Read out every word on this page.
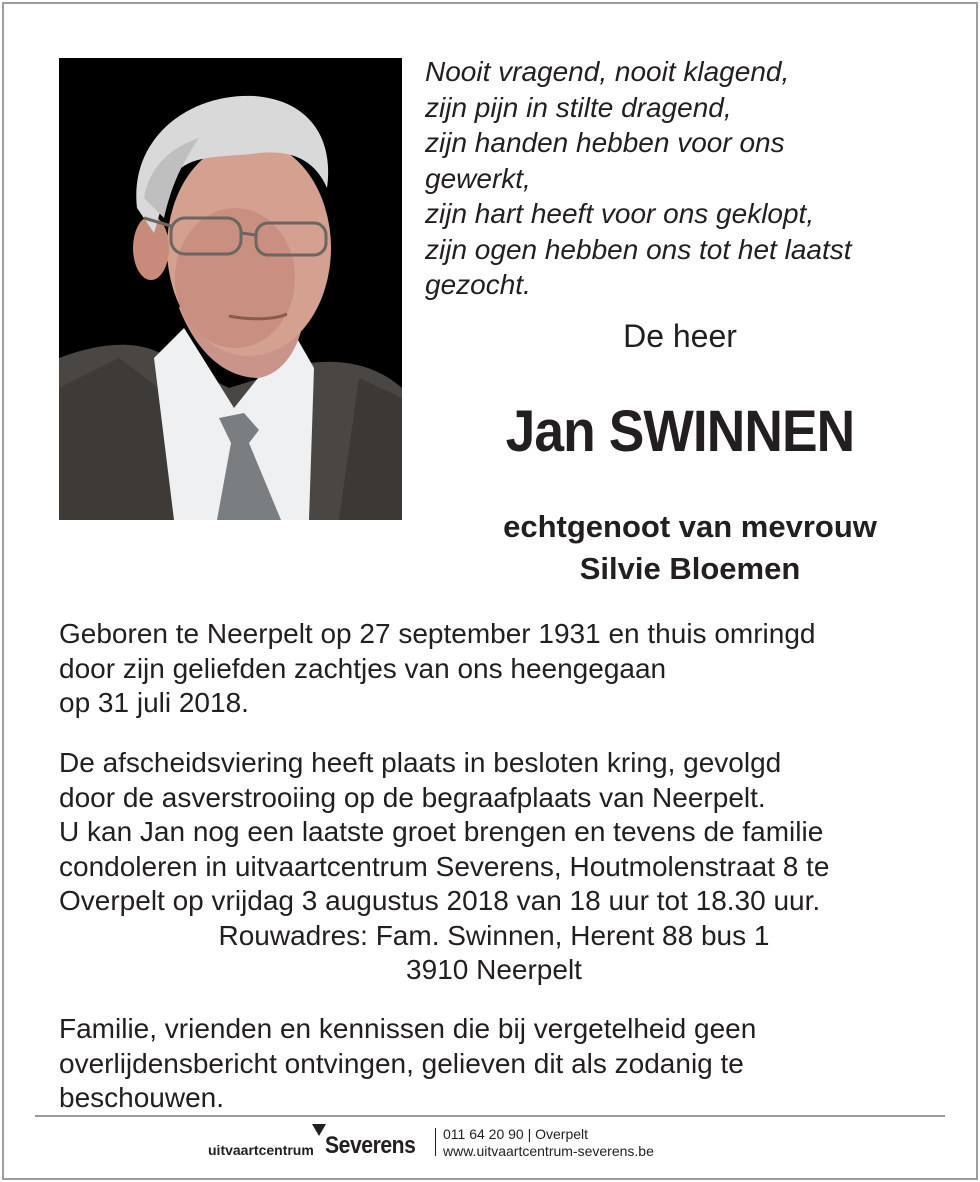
Nooit vragend, nooit klagend,
zijn pijn in stilte dragend,
zijn handen hebben voor ons
gewerkt,
zijn hart heeft voor ons geklopt,
zijn ogen hebben ons tot het laatst
gezocht.
De heer
Jan SWINNEN
echtgenoot van mevrouw
Silvie Bloemen
Geboren te Neerpelt op 27 september 1931 en thuis omringd
door zijn geliefden zachtjes van ons heengegaan
op 31 juli 2018.
De afscheidsviering heeft plaats in besloten kring, gevolgd
door de asverstrooiing op de begraafplaats van Neerpelt.
U kan Jan nog een laatste groet brengen en tevens de familie
condoleren in uitvaartcentrum Severens, Houtmolenstraat 8 te
Overpelt op vrijdag 3 augustus 2018 van 18 uur tot 18.30 uur.
Rouwadres: Fam. Swinnen, Herent 88 bus 1
3910 Neerpelt
Familie, vrienden en kennissen die bij vergetelheid geen
overlijdensbericht ontvingen, gelieven dit als zodanig te
beschouwen.
uitvaartcentrum Severens 011 64 20 90 | Overpelt
www.uitvaartcentrum-severens.be
